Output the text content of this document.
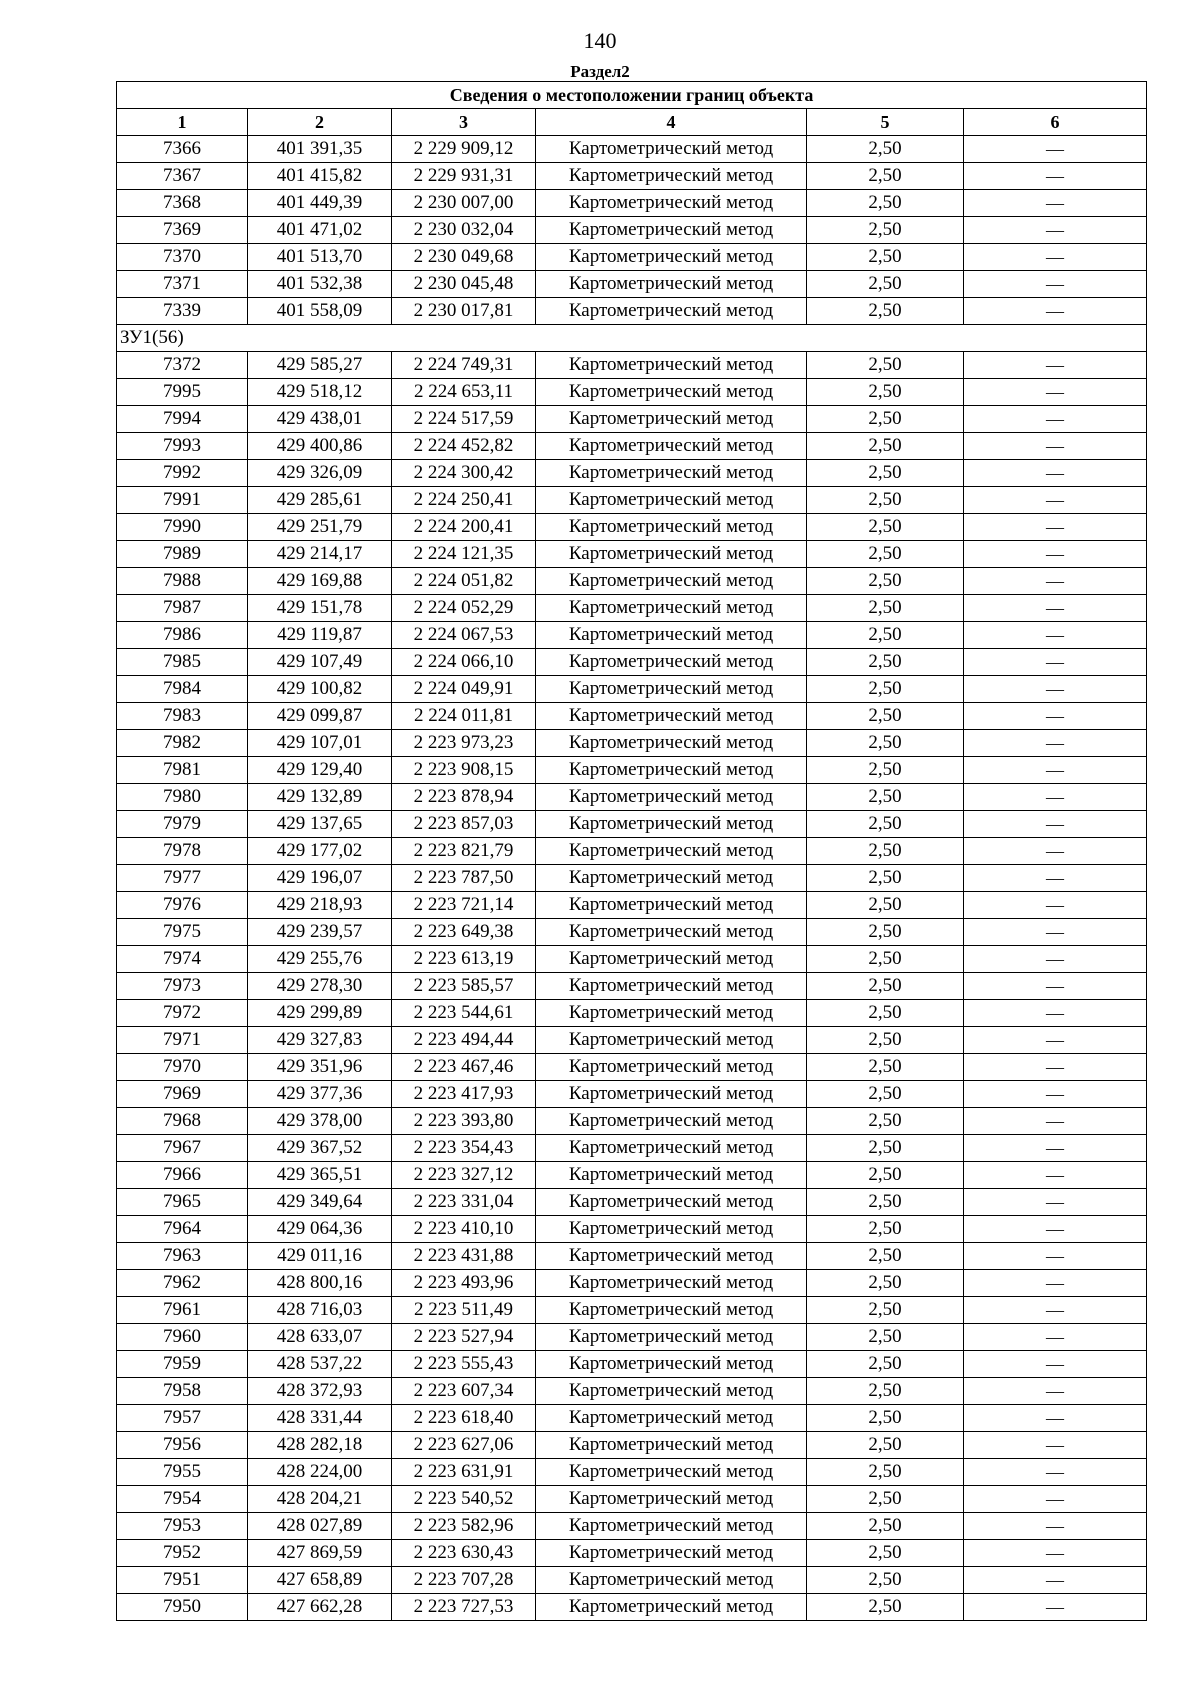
140
Раздел2
Сведения о местоположении границ объекта					
1	2	3	4	5	6
7366	401 391,35	2 229 909,12	Картометрический метод	2,50	—
7367	401 415,82	2 229 931,31	Картометрический метод	2,50	—
7368	401 449,39	2 230 007,00	Картометрический метод	2,50	—
7369	401 471,02	2 230 032,04	Картометрический метод	2,50	—
7370	401 513,70	2 230 049,68	Картометрический метод	2,50	—
7371	401 532,38	2 230 045,48	Картометрический метод	2,50	—
7339	401 558,09	2 230 017,81	Картометрический метод	2,50	—
ЗУ1(56)					
7372	429 585,27	2 224 749,31	Картометрический метод	2,50	—
7995	429 518,12	2 224 653,11	Картометрический метод	2,50	—
7994	429 438,01	2 224 517,59	Картометрический метод	2,50	—
7993	429 400,86	2 224 452,82	Картометрический метод	2,50	—
7992	429 326,09	2 224 300,42	Картометрический метод	2,50	—
7991	429 285,61	2 224 250,41	Картометрический метод	2,50	—
7990	429 251,79	2 224 200,41	Картометрический метод	2,50	—
7989	429 214,17	2 224 121,35	Картометрический метод	2,50	—
7988	429 169,88	2 224 051,82	Картометрический метод	2,50	—
7987	429 151,78	2 224 052,29	Картометрический метод	2,50	—
7986	429 119,87	2 224 067,53	Картометрический метод	2,50	—
7985	429 107,49	2 224 066,10	Картометрический метод	2,50	—
7984	429 100,82	2 224 049,91	Картометрический метод	2,50	—
7983	429 099,87	2 224 011,81	Картометрический метод	2,50	—
7982	429 107,01	2 223 973,23	Картометрический метод	2,50	—
7981	429 129,40	2 223 908,15	Картометрический метод	2,50	—
7980	429 132,89	2 223 878,94	Картометрический метод	2,50	—
7979	429 137,65	2 223 857,03	Картометрический метод	2,50	—
7978	429 177,02	2 223 821,79	Картометрический метод	2,50	—
7977	429 196,07	2 223 787,50	Картометрический метод	2,50	—
7976	429 218,93	2 223 721,14	Картометрический метод	2,50	—
7975	429 239,57	2 223 649,38	Картометрический метод	2,50	—
7974	429 255,76	2 223 613,19	Картометрический метод	2,50	—
7973	429 278,30	2 223 585,57	Картометрический метод	2,50	—
7972	429 299,89	2 223 544,61	Картометрический метод	2,50	—
7971	429 327,83	2 223 494,44	Картометрический метод	2,50	—
7970	429 351,96	2 223 467,46	Картометрический метод	2,50	—
7969	429 377,36	2 223 417,93	Картометрический метод	2,50	—
7968	429 378,00	2 223 393,80	Картометрический метод	2,50	—
7967	429 367,52	2 223 354,43	Картометрический метод	2,50	—
7966	429 365,51	2 223 327,12	Картометрический метод	2,50	—
7965	429 349,64	2 223 331,04	Картометрический метод	2,50	—
7964	429 064,36	2 223 410,10	Картометрический метод	2,50	—
7963	429 011,16	2 223 431,88	Картометрический метод	2,50	—
7962	428 800,16	2 223 493,96	Картометрический метод	2,50	—
7961	428 716,03	2 223 511,49	Картометрический метод	2,50	—
7960	428 633,07	2 223 527,94	Картометрический метод	2,50	—
7959	428 537,22	2 223 555,43	Картометрический метод	2,50	—
7958	428 372,93	2 223 607,34	Картометрический метод	2,50	—
7957	428 331,44	2 223 618,40	Картометрический метод	2,50	—
7956	428 282,18	2 223 627,06	Картометрический метод	2,50	—
7955	428 224,00	2 223 631,91	Картометрический метод	2,50	—
7954	428 204,21	2 223 540,52	Картометрический метод	2,50	—
7953	428 027,89	2 223 582,96	Картометрический метод	2,50	—
7952	427 869,59	2 223 630,43	Картометрический метод	2,50	—
7951	427 658,89	2 223 707,28	Картометрический метод	2,50	—
7950	427 662,28	2 223 727,53	Картометрический метод	2,50	—
